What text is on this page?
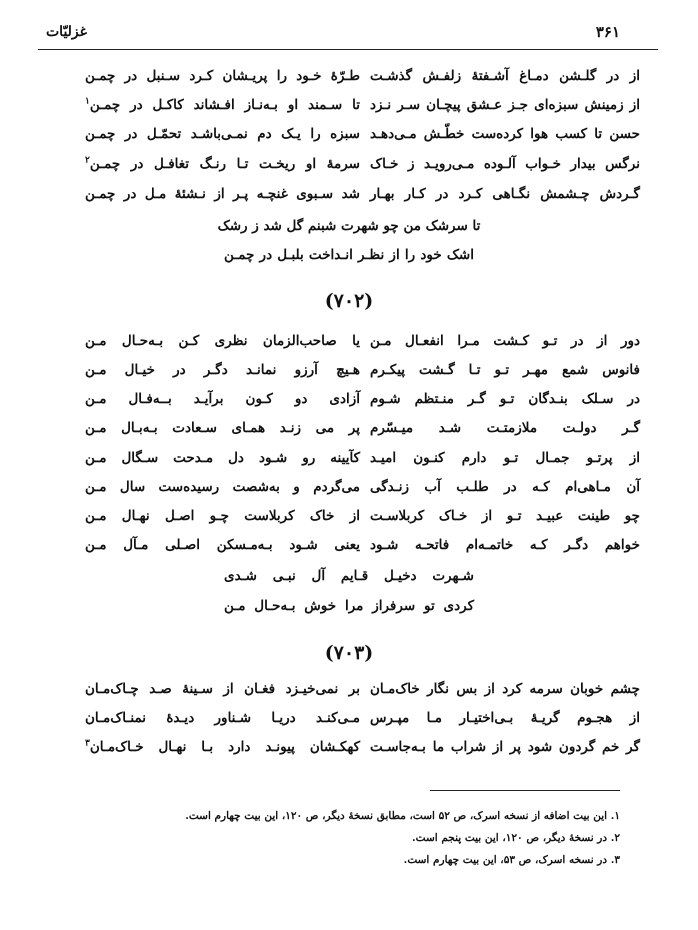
غزلیّات	۳۶۱
از در گلـشن دمـاغ آشـفتهٔ زلفـش گذشـت
طـرّهٔ خـود را پریـشان کـرد سـنبل در چمـن
از زمینش سبزه‌ای جـز عـشق پیچـان سـر نـزد
تا سـمند او بـه‌نـاز افـشاند کاکـل در چمـن$^۱$
حسن تا کسب هوا کرده‌ست خطّـش مـی‌دهـد
سبزه را یـک دم نمـی‌باشـد تحمّـل در چمـن
نرگس بیدار خـواب آلـوده مـی‌رویـد ز خـاک
سرمهٔ او ریخـت تـا رنـگ تغافـل در چمـن$^۲$
گـردش چـشمش نگـاهی کـرد در کـار بهـار
شد سـبوی غنچـه پـر از نـشئهٔ مـل در چمـن
تا سرشک من چو شهرت شبنم گل شد ز رشک
اشک خود را از نظـر انـداخت بلبـل در چمـن
(۷۰۲)
دور از در تـو کـشت مـرا انفعـال مـن
یا صاحب‌الزمان نظری کـن بـه‌حـال مـن
فانوس شمع مهـر تـو تـا گـشت پیکـرم
هـیچ آرزو نمانـد دگـر در خیـال مـن
در سـلک بنـدگان تـو گـر منـتظم شـوم
آزادی دو کـون برآیـد بــه‌فـال مـن
گـر دولـت ملازمتـت شـد میـسّرم
پر می زنـد همـای سـعادت بـه‌بـال مـن
از پرتـو جمـال تـو دارم کنـون امیـد
کآیینه رو شـود دل مـدحت سـگال مـن
آن مـاهی‌ام کـه در طلـب آب زنـدگی
می‌گردم و به‌شصت رسیده‌ست سال مـن
چو طینت عبیـد تـو از خـاک کربلاسـت
از خاک کربلاست چـو اصـل نهـال مـن
خواهم دگـر کـه خاتمـه‌ام فاتحـه شـود
یعنی شـود بـه‌مـسکن اصـلی مـآل مـن
شـهرت دخیـل قـایم آل نبـی شـدی
کردی تو سرفراز مرا خوش بـه‌حـال مـن
(۷۰۳)
چشم خوبان سرمه کرد از بس نگار خاک‌مـان
بر نمی‌خیـزد فغـان از سـینهٔ صـد چـاک‌مـان
از هجـوم گریـهٔ بـی‌اختیـار مـا مپـرس
مـی‌کنـد دریـا شـناور دیـدهٔ نمنـاک‌مـان
گر خم گردون شود پر از شراب ما بـه‌جاسـت
کهکـشان پیونـد دارد بـا نهـال خـاک‌مـان$^۳$
۱. این بیت اضافه از نسخه اسرک، ص ۵۲ است، مطابق نسخهٔ دیگر، ص ۱۲۰، این بیت چهارم است.
۲. در نسخهٔ دیگر، ص ۱۲۰، این بیت پنجم است.
۳. در نسخه اسرک، ص ۵۳، این بیت چهارم است.
